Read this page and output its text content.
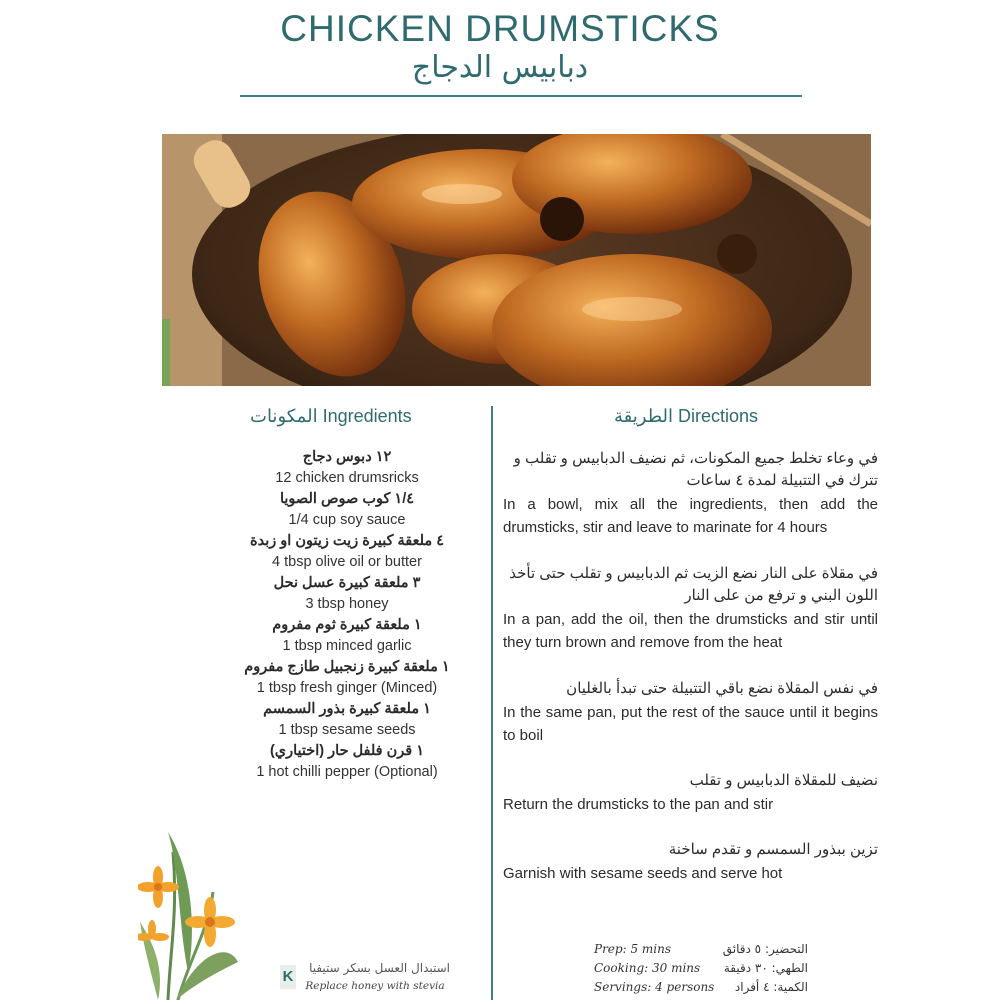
CHICKEN DRUMSTICKS
دبابيس الدجاج
المكونات Ingredients	الطريقة Directions
١٢ دبوس دجاج
12 chicken drumsricks
١/٤ كوب صوص الصويا
1/4 cup soy sauce
٤ ملعقة كبيرة زيت زيتون او زبدة
4 tbsp olive oil or butter
٣ ملعقة كبيرة عسل نحل
3 tbsp honey
١ ملعقة كبيرة ثوم مفروم
1 tbsp minced garlic
١ ملعقة كبيرة زنجبيل طازج مفروم
1 tbsp fresh ginger (Minced)
١ ملعقة كبيرة بذور السمسم
1 tbsp sesame seeds
١ قرن فلفل حار (اختياري)
1 hot chilli pepper (Optional)
في وعاء تخلط جميع المكونات، ثم نضيف الدبابيس و تقلب و تترك في التتبيلة لمدة ٤ ساعات
In a bowl, mix all the ingredients, then add the drumsticks, stir and leave to marinate for 4 hours
في مقلاة على النار نضع الزيت ثم الدبابيس و تقلب حتى تأخذ اللون البني و ترفع من على النار
In a pan, add the oil, then the drumsticks and stir until they turn brown and remove from the heat
في نفس المقلاة نضع باقي التتبيلة حتى تبدأ بالغليان
In the same pan, put the rest of the sauce until it begins to boil
نضيف للمقلاة الدبابيس و تقلب
Return the drumsticks to the pan and stir
تزين ببذور السمسم و تقدم ساخنة
Garnish with sesame seeds and serve hot
K	استبدال العسل بسكر ستيفيا
Replace honey with stevia
Prep: 5 mins
Cooking: 30 mins
Servings: 4 persons
التحضير: ٥ دقائق
الطهي: ٣٠ دقيقة
الكمية: ٤ أفراد
